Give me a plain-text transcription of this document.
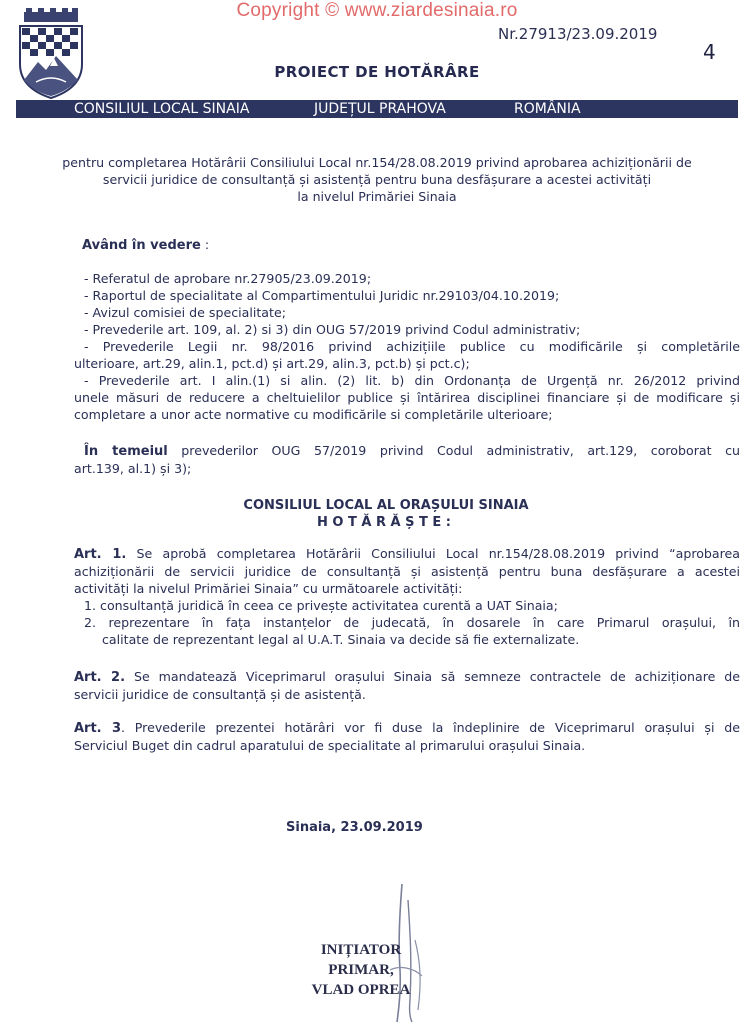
Copyright © www.ziardesinaia.ro
Nr.27913/23.09.2019
4
PROIECT DE HOTĂRÂRE
CONSILIUL LOCAL SINAIA	JUDEȚUL PRAHOVA	ROMÂNIA
pentru completarea Hotărârii Consiliului Local nr.154/28.08.2019 privind aprobarea achiziționării de
servicii juridice de consultanță și asistență pentru buna desfășurare a acestei activități
la nivelul Primăriei Sinaia
Având în vedere :
- Referatul de aprobare nr.27905/23.09.2019;
- Raportul de specialitate al Compartimentului Juridic nr.29103/04.10.2019;
- Avizul comisiei de specialitate;
- Prevederile art. 109, al. 2) si 3) din OUG 57/2019 privind Codul administrativ;
- Prevederile Legii nr. 98/2016 privind achizițiile publice cu modificările și completările
ulterioare, art.29, alin.1, pct.d) și art.29, alin.3, pct.b) și pct.c);
- Prevederile art. I alin.(1) si alin. (2) lit. b) din Ordonanța de Urgență nr. 26/2012 privind
unele măsuri de reducere a cheltuielilor publice și întărirea disciplinei financiare și de modificare și
completare a unor acte normative cu modificările si completările ulterioare;
În temeiul prevederilor OUG 57/2019 privind Codul administrativ, art.129, coroborat cu
art.139, al.1) și 3);
CONSILIUL LOCAL AL ORAȘULUI SINAIA
H O T Ă R Ă Ș T E :
Art. 1. Se aprobă completarea Hotărârii Consiliului Local nr.154/28.08.2019 privind “aprobarea
achiziționării de servicii juridice de consultanță și asistență pentru buna desfășurare a acestei
activități la nivelul Primăriei Sinaia” cu următoarele activități:
1. consultanță juridică în ceea ce privește activitatea curentă a UAT Sinaia;
2. reprezentare în fața instanțelor de judecată, în dosarele în care Primarul orașului, în
calitate de reprezentant legal al U.A.T. Sinaia va decide să fie externalizate.
Art. 2. Se mandatează Viceprimarul orașului Sinaia să semneze contractele de achiziționare de
servicii juridice de consultanță și de asistență.
Art. 3. Prevederile prezentei hotărâri vor fi duse la îndeplinire de Viceprimarul orașului și de
Serviciul Buget din cadrul aparatului de specialitate al primarului orașului Sinaia.
Sinaia, 23.09.2019
INIȚIATOR
PRIMAR,
VLAD OPREA
